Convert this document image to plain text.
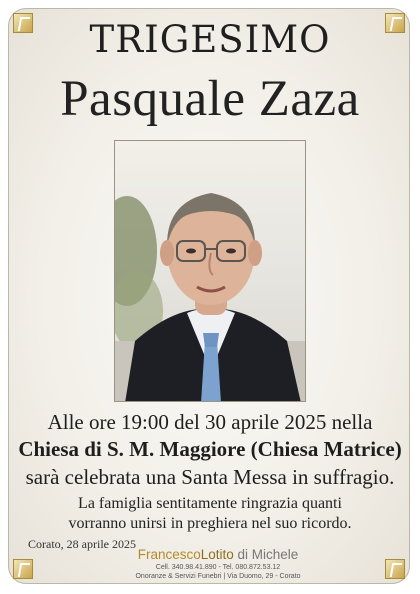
TRIGESIMO
Pasquale Zaza
Alle ore 19:00 del 30 aprile 2025 nella
Chiesa di S. M. Maggiore (Chiesa Matrice)
sarà celebrata una Santa Messa in suffragio.
La famiglia sentitamente ringrazia quanti
vorranno unirsi in preghiera nel suo ricordo.
Corato, 28 aprile 2025
FrancescoLotito di Michele
Cell. 340.98.41.890 - Tel. 080.872.53.12
Onoranze & Servizi Funebri | Via Duomo, 29 - Corato
